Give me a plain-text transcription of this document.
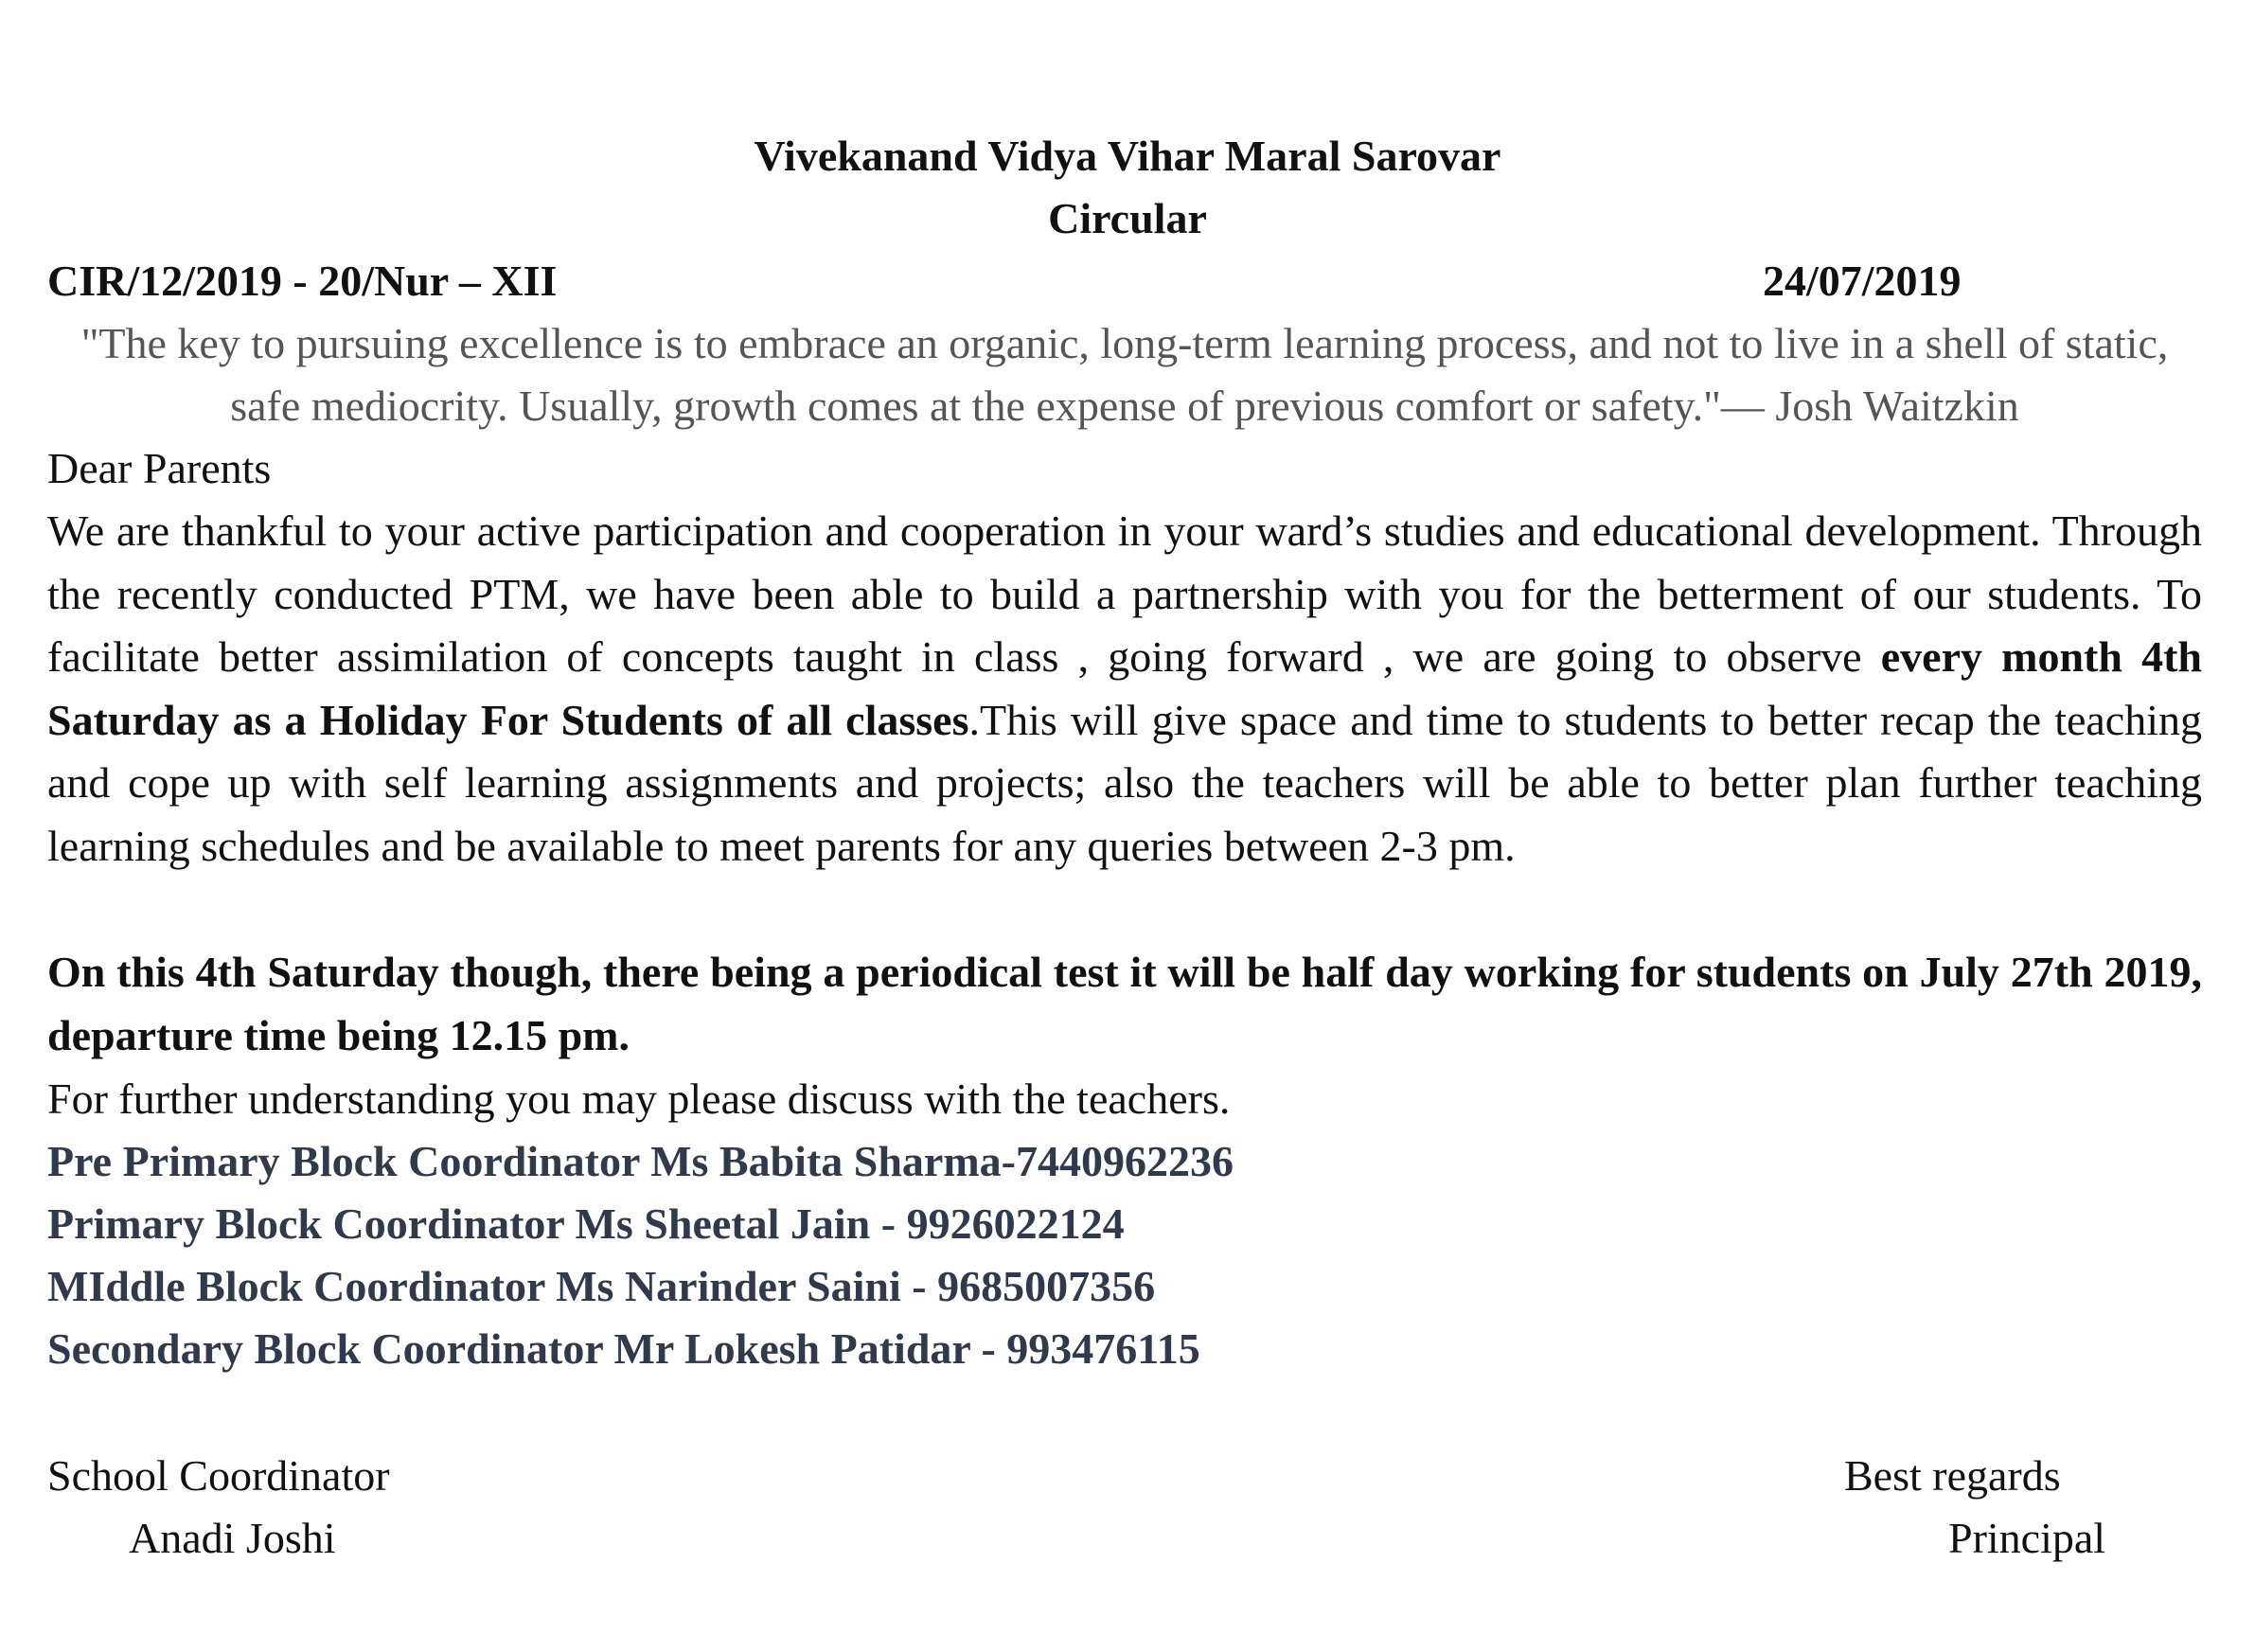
Vivekanand Vidya Vihar Maral Sarovar
Circular
CIR/12/2019 - 20/Nur – XII	24/07/2019
"The key to pursuing excellence is to embrace an organic, long-term learning process, and not to live in a shell of static, safe mediocrity. Usually, growth comes at the expense of previous comfort or safety."— Josh Waitzkin
Dear Parents
We are thankful to your active participation and cooperation in your ward’s studies and educational development. Through the recently conducted PTM, we have been able to build a partnership with you for the betterment of our students. To facilitate better assimilation of concepts taught in class , going forward , we are going to observe every month 4th Saturday as a Holiday For Students of all classes.This will give space and time to students to better recap the teaching and cope up with self learning assignments and projects; also the teachers will be able to better plan further teaching learning schedules and be available to meet parents for any queries between 2-3 pm.
On this 4th Saturday though, there being a periodical test it will be half day working for students on July 27th 2019, departure time being 12.15 pm.
For further understanding you may please discuss with the teachers.
Pre Primary Block Coordinator Ms Babita Sharma-7440962236
Primary Block Coordinator Ms Sheetal Jain - 9926022124
MIddle Block Coordinator Ms Narinder Saini - 9685007356
Secondary Block Coordinator Mr Lokesh Patidar - 993476115
School Coordinator
Anadi Joshi
Best regards
Principal
